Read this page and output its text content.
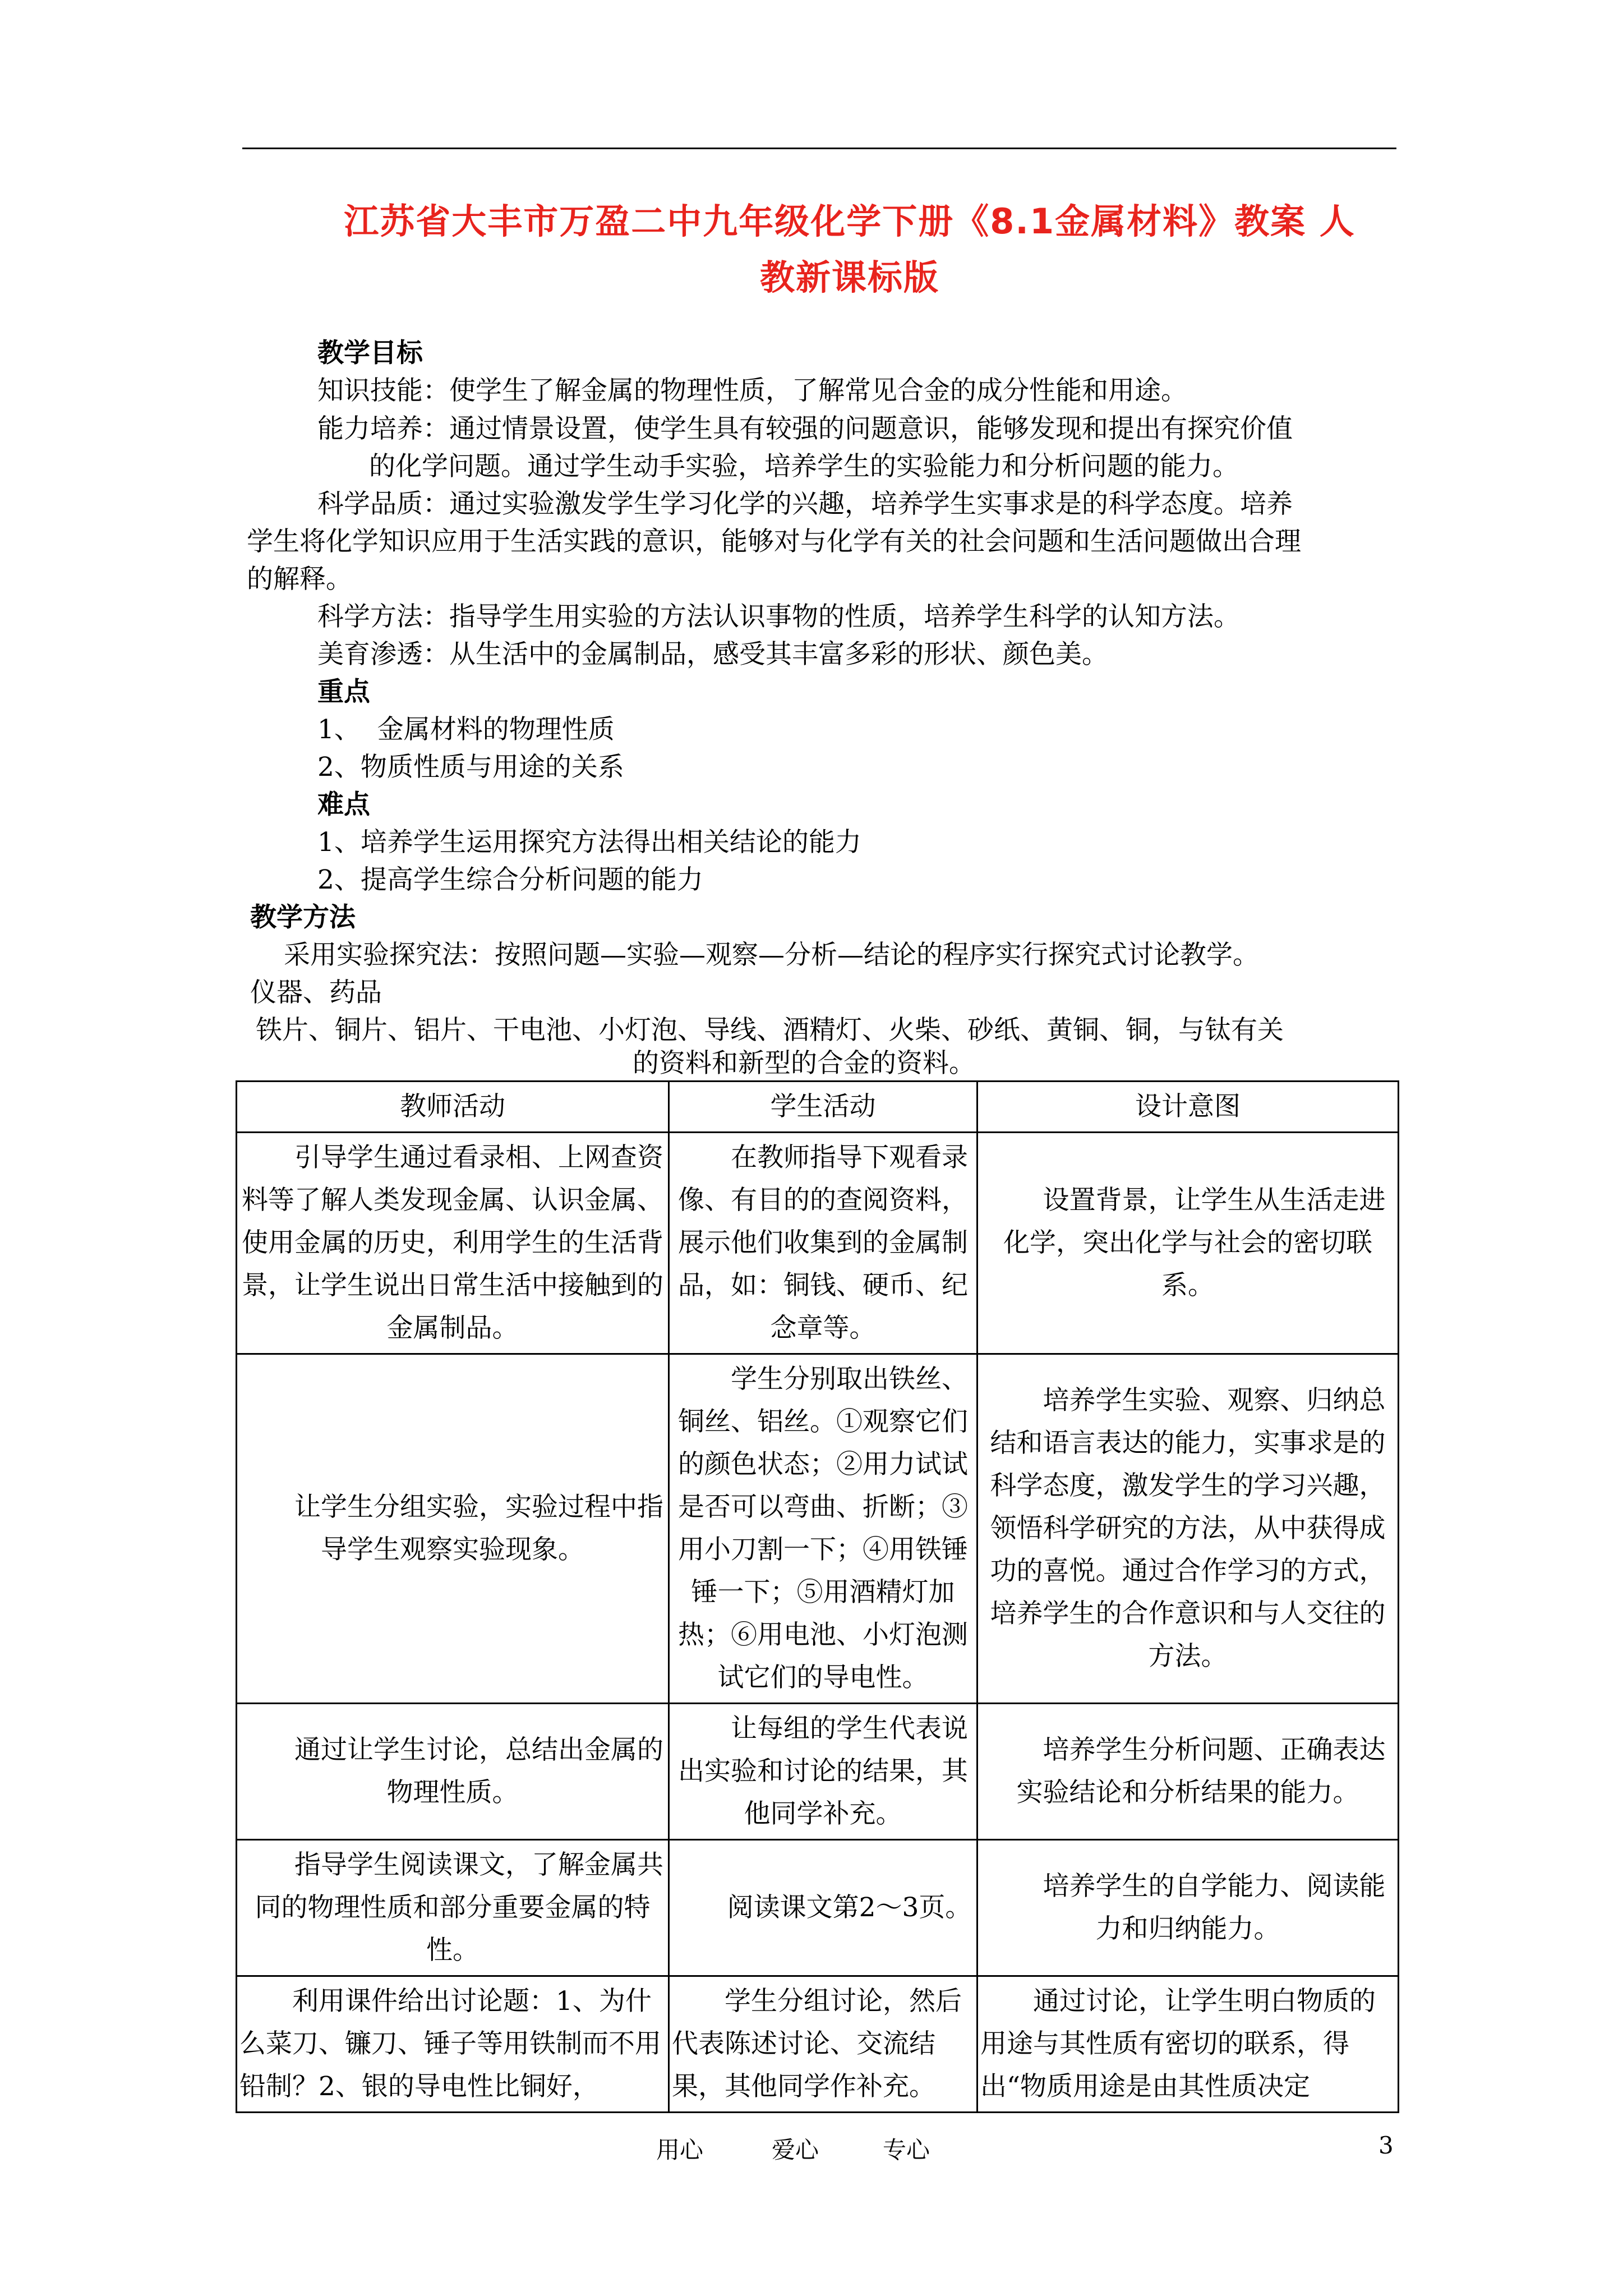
江苏省大丰市万盈二中九年级化学下册《8.1金属材料》教案 人
教新课标版
教学目标
知识技能：使学生了解金属的物理性质，了解常见合金的成分性能和用途。
能力培养：通过情景设置，使学生具有较强的问题意识，能够发现和提出有探究价值
的化学问题。通过学生动手实验，培养学生的实验能力和分析问题的能力。
科学品质：通过实验激发学生学习化学的兴趣，培养学生实事求是的科学态度。培养
学生将化学知识应用于生活实践的意识，能够对与化学有关的社会问题和生活问题做出合理
的解释。
科学方法：指导学生用实验的方法认识事物的性质，培养学生科学的认知方法。
美育渗透：从生活中的金属制品，感受其丰富多彩的形状、颜色美。
重点
1、  金属材料的物理性质
2、物质性质与用途的关系
难点
1、培养学生运用探究方法得出相关结论的能力
2、提高学生综合分析问题的能力
教学方法
采用实验探究法：按照问题—实验—观察—分析—结论的程序实行探究式讨论教学。
仪器、药品
铁片、铜片、铝片、干电池、小灯泡、导线、酒精灯、火柴、砂纸、黄铜、铜，与钛有关
的资料和新型的合金的资料。
教师活动	学生活动	设计意图

引导学生通过看录相、上网查资料等了解人类发现金属、认识金属、使用金属的历史，利用学生的生活背景，让学生说出日常生活中接触到的金属制品。	在教师指导下观看录像、有目的的查阅资料，展示他们收集到的金属制品，如：铜钱、硬币、纪念章等。	设置背景，让学生从生活走进化学，突出化学与社会的密切联系。

让学生分组实验，实验过程中指导学生观察实验现象。	学生分别取出铁丝、铜丝、铝丝。①观察它们的颜色状态；②用力试试是否可以弯曲、折断；③用小刀割一下；④用铁锤锤一下；⑤用酒精灯加热；⑥用电池、小灯泡测试它们的导电性。	培养学生实验、观察、归纳总结和语言表达的能力，实事求是的科学态度，激发学生的学习兴趣，领悟科学研究的方法，从中获得成功的喜悦。通过合作学习的方式，培养学生的合作意识和与人交往的方法。

通过让学生讨论，总结出金属的物理性质。	让每组的学生代表说出实验和讨论的结果，其他同学补充。	培养学生分析问题、正确表达实验结论和分析结果的能力。

指导学生阅读课文，了解金属共同的物理性质和部分重要金属的特性。	阅读课文第2～3页。	培养学生的自学能力、阅读能力和归纳能力。

利用课件给出讨论题：1、为什么菜刀、镰刀、锤子等用铁制而不用铅制？2、银的导电性比铜好，	学生分组讨论，然后代表陈述讨论、交流结果，其他同学作补充。	通过讨论，让学生明白物质的用途与其性质有密切的联系，得出“物质用途是由其性质决定
用心	爱心	专心	3
